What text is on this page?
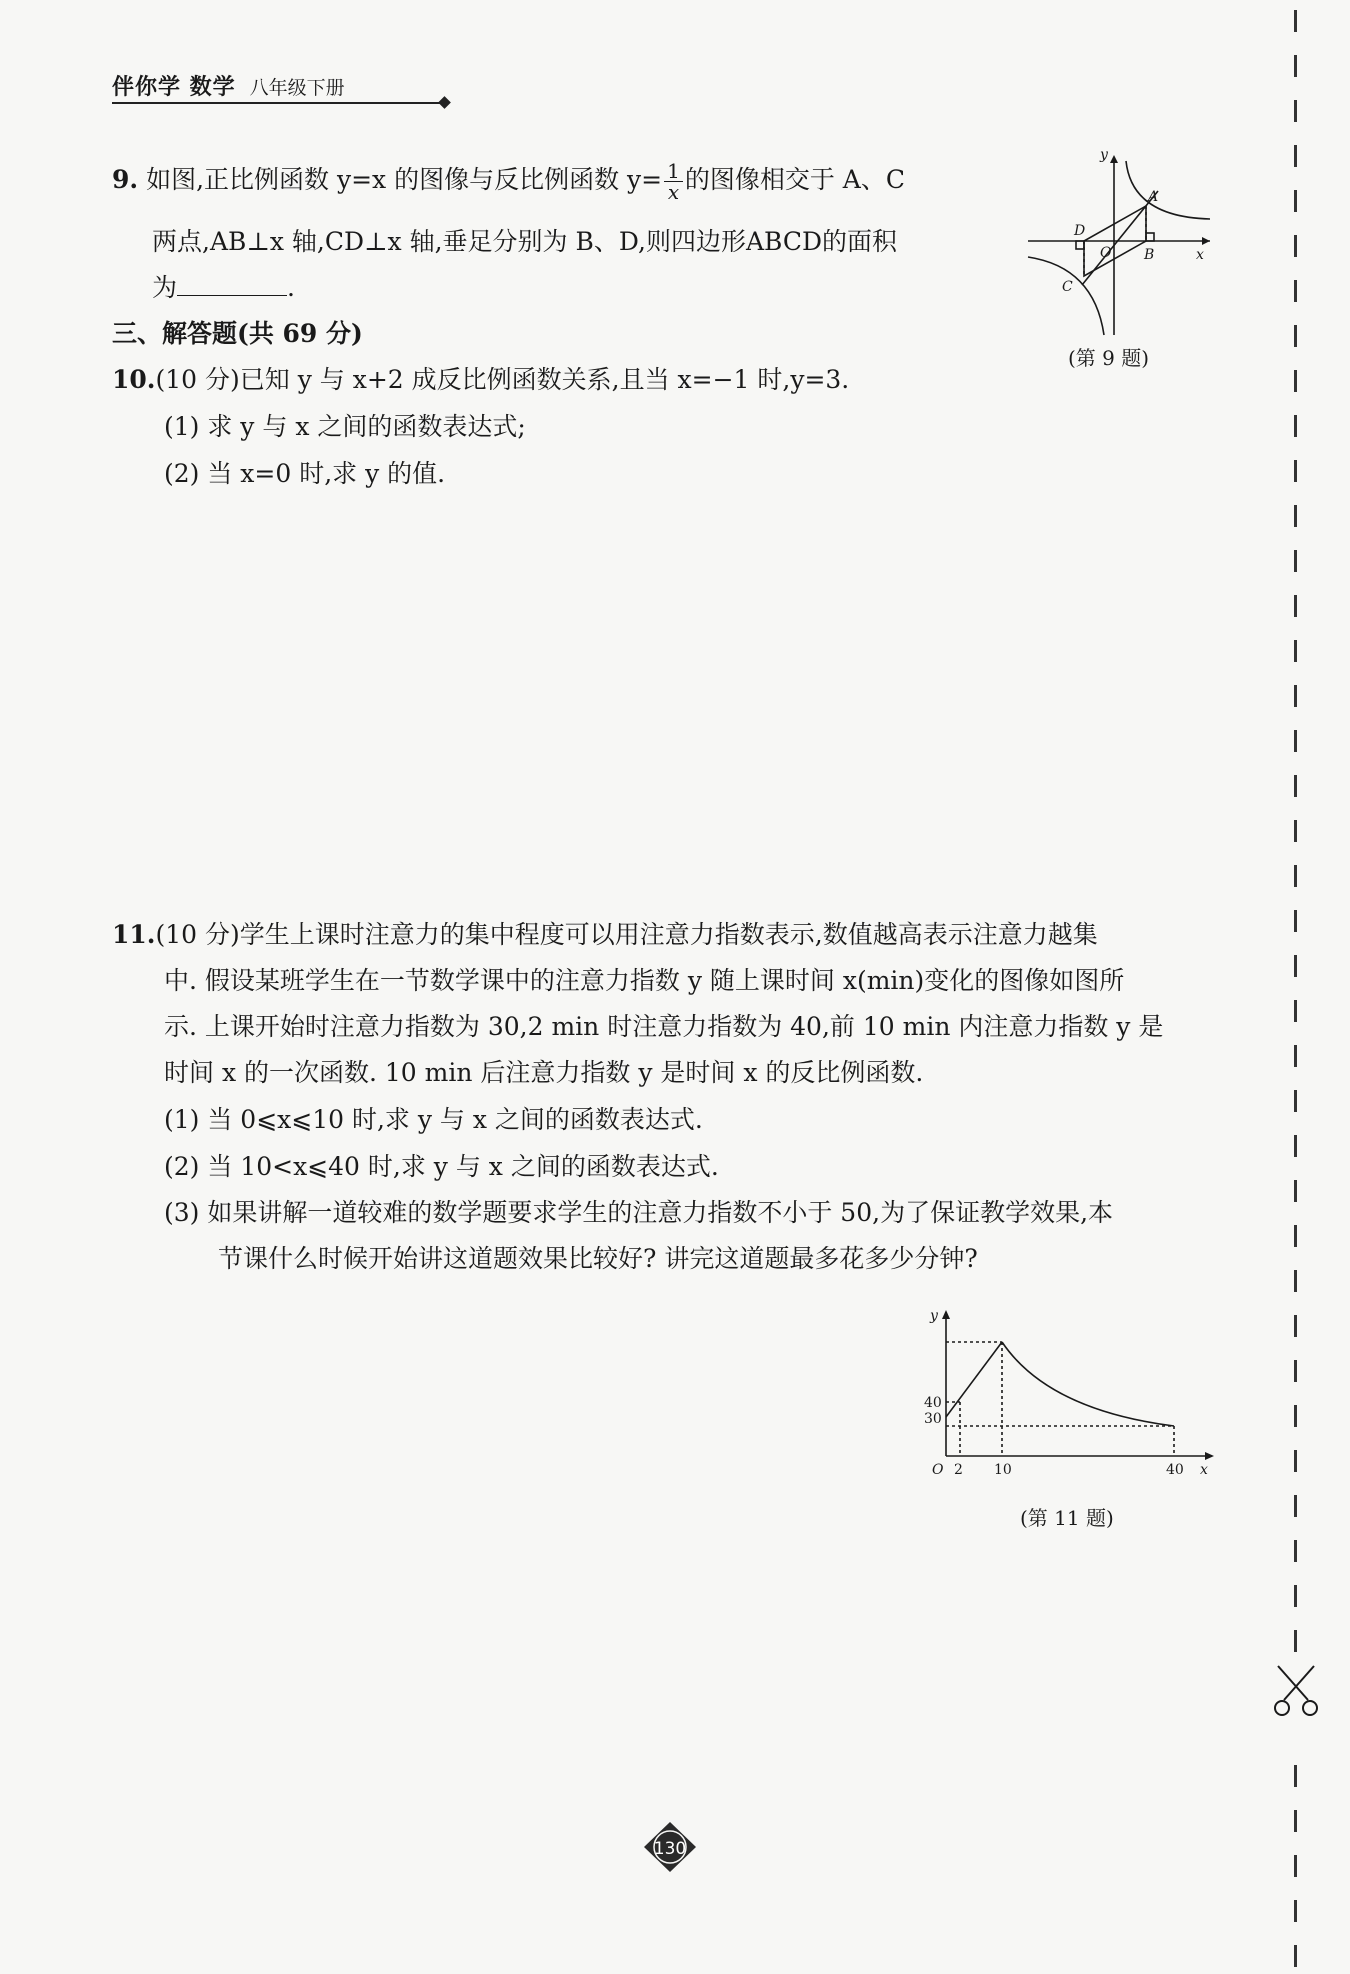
伴你学 数学 八年级下册
9. 如图,正比例函数 y=x 的图像与反比例函数 $y= \frac{1}{x}$ 的图像相交于 A、C
两点,AB⊥x 轴,CD⊥x 轴,垂足分别为 B、D,则四边形ABCD的面积
为	.
y
x
A
B
C
D
O
(第 9 题)
三、解答题(共 69 分)
10.(10 分)已知 y 与 x+2 成反比例函数关系,且当 x=−1 时,y=3.
(1) 求 y 与 x 之间的函数表达式;
(2) 当 x=0 时,求 y 的值.
11.(10 分)学生上课时注意力的集中程度可以用注意力指数表示,数值越高表示注意力越集
中. 假设某班学生在一节数学课中的注意力指数 y 随上课时间 x(min)变化的图像如图所
示. 上课开始时注意力指数为 30,2 min 时注意力指数为 40,前 10 min 内注意力指数 y 是
时间 x 的一次函数. 10 min 后注意力指数 y 是时间 x 的反比例函数.
(1) 当 0⩽x⩽10 时,求 y 与 x 之间的函数表达式.
(2) 当 10<x⩽40 时,求 y 与 x 之间的函数表达式.
(3) 如果讲解一道较难的数学题要求学生的注意力指数不小于 50,为了保证教学效果,本
节课什么时候开始讲这道题效果比较好? 讲完这道题最多花多少分钟?
y
x
O
40
30
2 10	40
(第 11 题)
130
